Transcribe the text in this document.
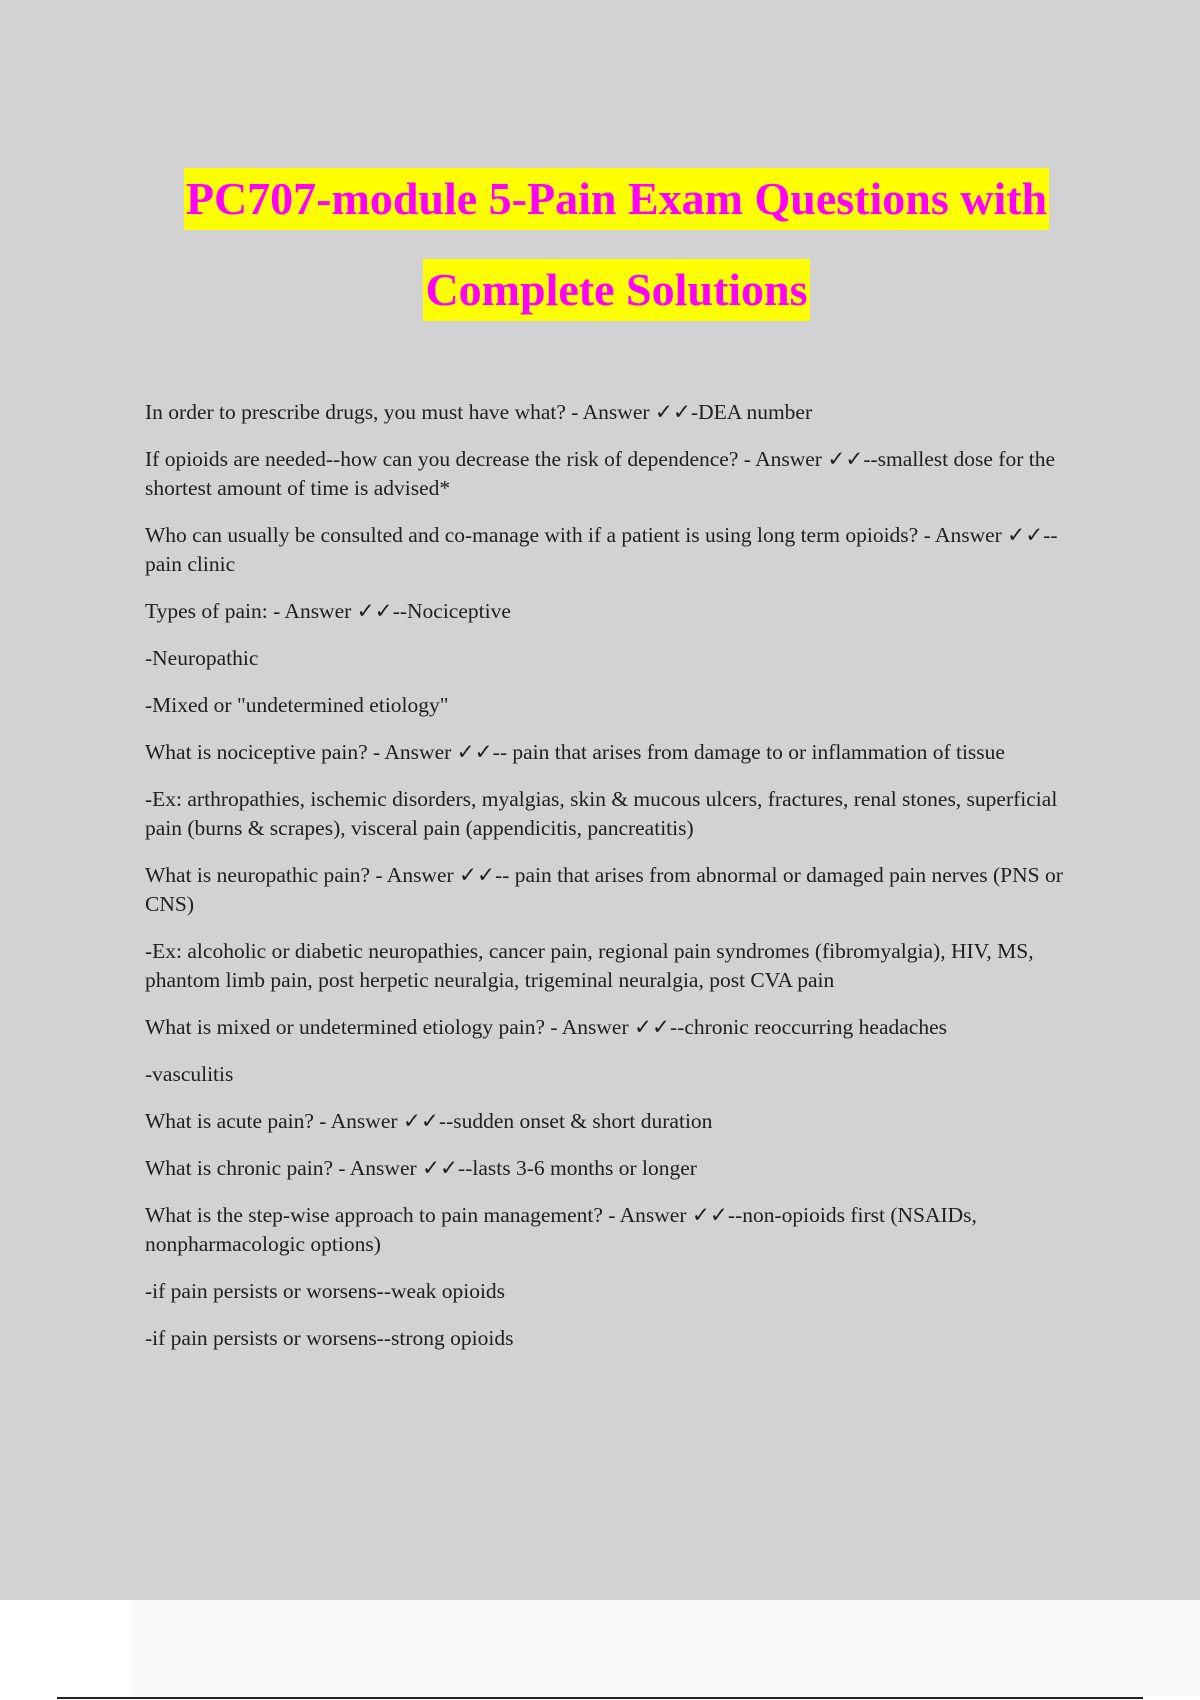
PC707-module 5-Pain Exam Questions with
Complete Solutions

In order to prescribe drugs, you must have what? - Answer ✓✓-DEA number

If opioids are needed--how can you decrease the risk of dependence? - Answer ✓✓--smallest dose for the shortest amount of time is advised*

Who can usually be consulted and co-manage with if a patient is using long term opioids? - Answer ✓✓--pain clinic

Types of pain: - Answer ✓✓--Nociceptive

-Neuropathic

-Mixed or "undetermined etiology"

What is nociceptive pain? - Answer ✓✓-- pain that arises from damage to or inflammation of tissue

-Ex: arthropathies, ischemic disorders, myalgias, skin & mucous ulcers, fractures, renal stones, superficial pain (burns & scrapes), visceral pain (appendicitis, pancreatitis)

What is neuropathic pain? - Answer ✓✓-- pain that arises from abnormal or damaged pain nerves (PNS or CNS)

-Ex: alcoholic or diabetic neuropathies, cancer pain, regional pain syndromes (fibromyalgia), HIV, MS, phantom limb pain, post herpetic neuralgia, trigeminal neuralgia, post CVA pain

What is mixed or undetermined etiology pain? - Answer ✓✓--chronic reoccurring headaches

-vasculitis

What is acute pain? - Answer ✓✓--sudden onset & short duration

What is chronic pain? - Answer ✓✓--lasts 3-6 months or longer

What is the step-wise approach to pain management? - Answer ✓✓--non-opioids first (NSAIDs, nonpharmacologic options)

-if pain persists or worsens--weak opioids

-if pain persists or worsens--strong opioids
